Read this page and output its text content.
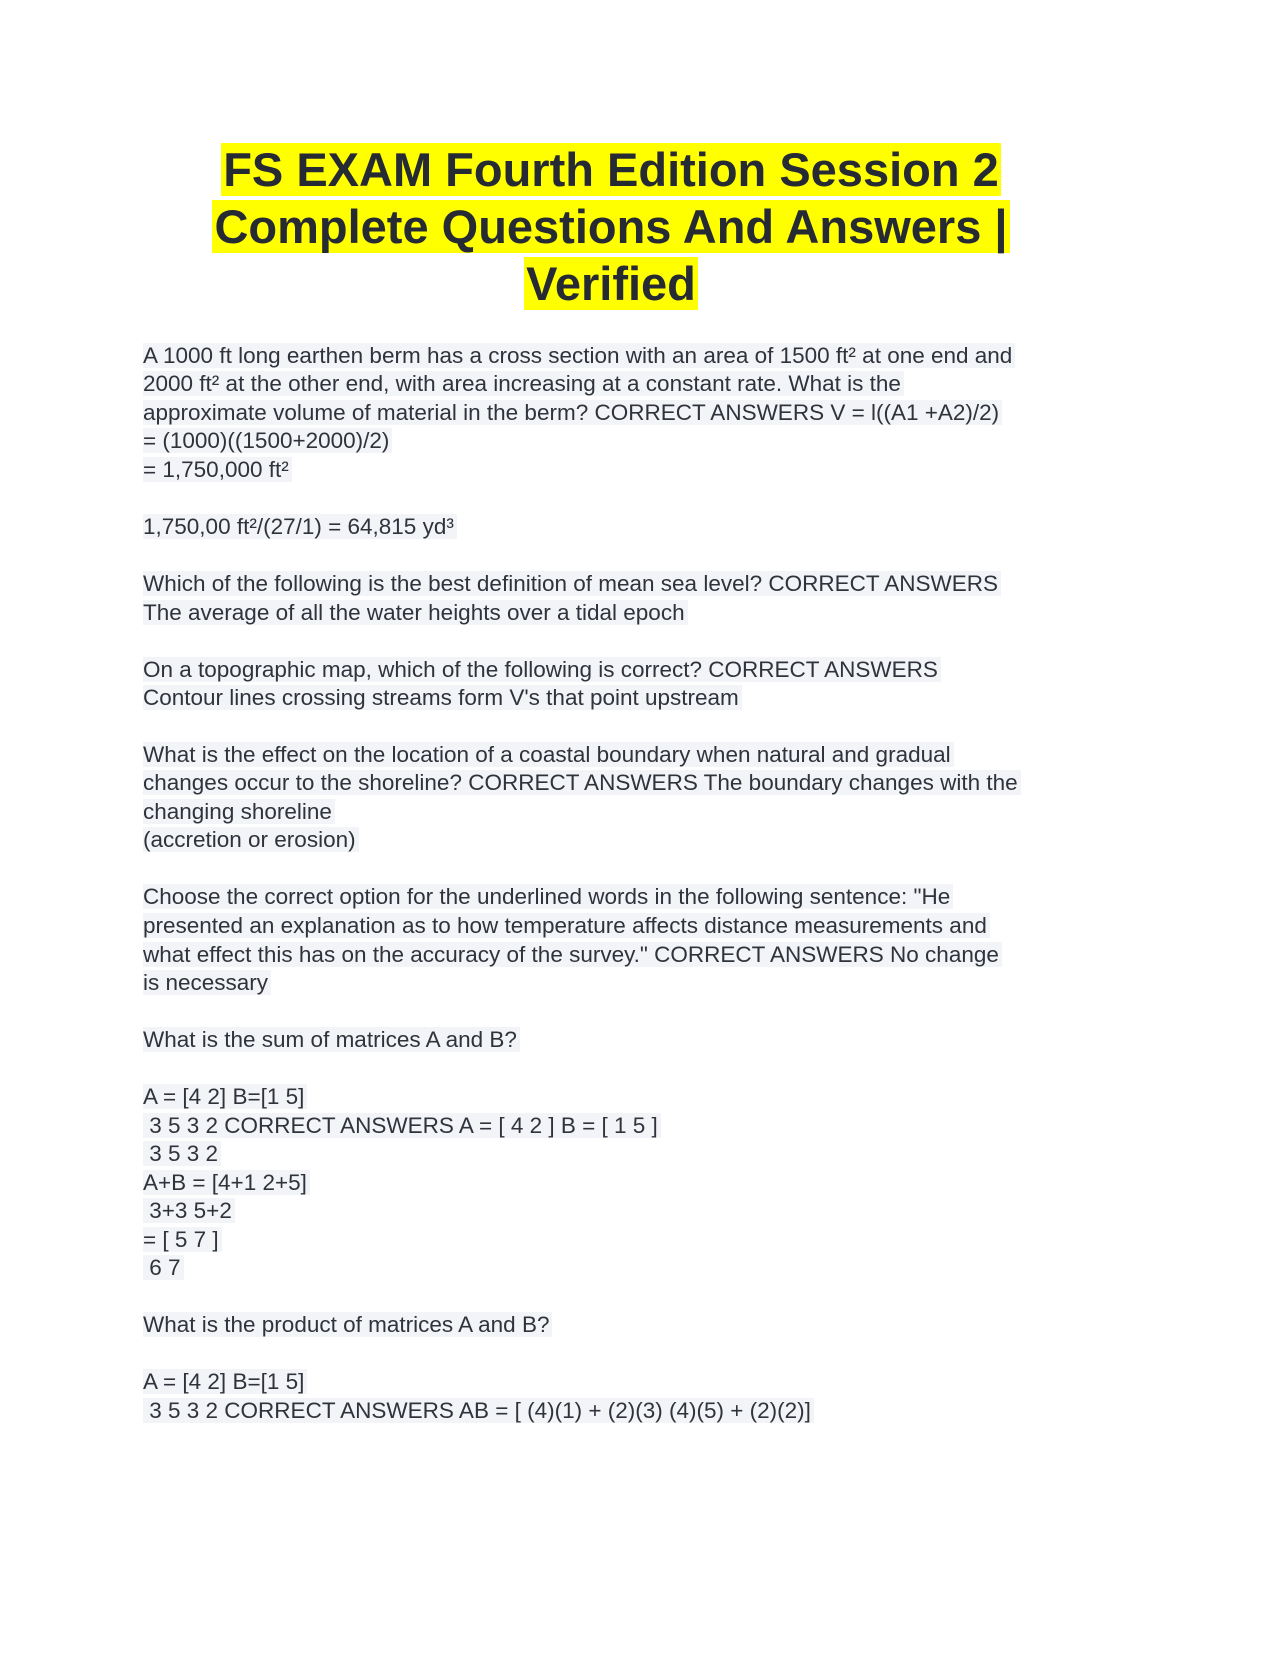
FS EXAM Fourth Edition Session 2
Complete Questions And Answers |
Verified
A 1000 ft long earthen berm has a cross section with an area of 1500 ft² at one end and
2000 ft² at the other end, with area increasing at a constant rate. What is the
approximate volume of material in the berm? CORRECT ANSWERS V = l((A1 +A2)/2)
= (1000)((1500+2000)/2)
= 1,750,000 ft²
1,750,00 ft²/(27/1) = 64,815 yd³
Which of the following is the best definition of mean sea level? CORRECT ANSWERS
The average of all the water heights over a tidal epoch
On a topographic map, which of the following is correct? CORRECT ANSWERS
Contour lines crossing streams form V's that point upstream
What is the effect on the location of a coastal boundary when natural and gradual
changes occur to the shoreline? CORRECT ANSWERS The boundary changes with the
changing shoreline
(accretion or erosion)
Choose the correct option for the underlined words in the following sentence: "He
presented an explanation as to how temperature affects distance measurements and
what effect this has on the accuracy of the survey." CORRECT ANSWERS No change
is necessary
What is the sum of matrices A and B?
A = [4 2] B=[1 5]
3 5 3 2 CORRECT ANSWERS A = [ 4 2 ] B = [ 1 5 ]
3 5 3 2
A+B = [4+1 2+5]
3+3 5+2
= [ 5 7 ]
6 7
What is the product of matrices A and B?
A = [4 2] B=[1 5]
3 5 3 2 CORRECT ANSWERS AB = [ (4)(1) + (2)(3) (4)(5) + (2)(2)]
